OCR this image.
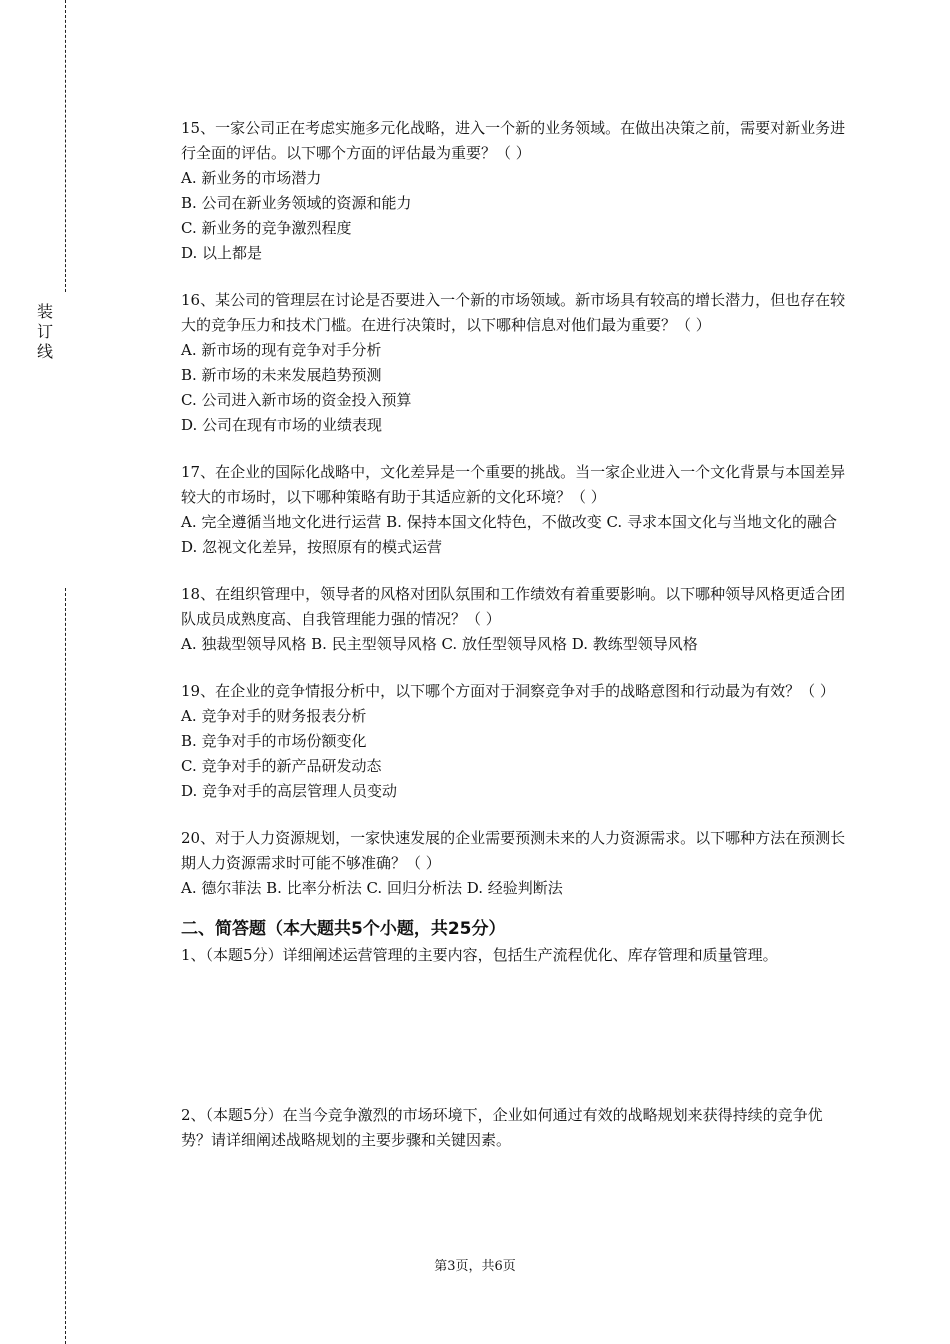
装
订
线
15、一家公司正在考虑实施多元化战略，进入一个新的业务领域。在做出决策之前，需要对新业务进行全面的评估。以下哪个方面的评估最为重要？（ ）
A. 新业务的市场潜力
B. 公司在新业务领域的资源和能力
C. 新业务的竞争激烈程度
D. 以上都是
16、某公司的管理层在讨论是否要进入一个新的市场领域。新市场具有较高的增长潜力，但也存在较大的竞争压力和技术门槛。在进行决策时，以下哪种信息对他们最为重要？（ ）
A. 新市场的现有竞争对手分析
B. 新市场的未来发展趋势预测
C. 公司进入新市场的资金投入预算
D. 公司在现有市场的业绩表现
17、在企业的国际化战略中，文化差异是一个重要的挑战。当一家企业进入一个文化背景与本国差异较大的市场时，以下哪种策略有助于其适应新的文化环境？（ ）
A. 完全遵循当地文化进行运营 B. 保持本国文化特色，不做改变 C. 寻求本国文化与当地文化的融合 D. 忽视文化差异，按照原有的模式运营
18、在组织管理中，领导者的风格对团队氛围和工作绩效有着重要影响。以下哪种领导风格更适合团队成员成熟度高、自我管理能力强的情况？（ ）
A. 独裁型领导风格 B. 民主型领导风格 C. 放任型领导风格 D. 教练型领导风格
19、在企业的竞争情报分析中，以下哪个方面对于洞察竞争对手的战略意图和行动最为有效？（ ）
A. 竞争对手的财务报表分析
B. 竞争对手的市场份额变化
C. 竞争对手的新产品研发动态
D. 竞争对手的高层管理人员变动
20、对于人力资源规划，一家快速发展的企业需要预测未来的人力资源需求。以下哪种方法在预测长期人力资源需求时可能不够准确？（ ）
A. 德尔菲法 B. 比率分析法 C. 回归分析法 D. 经验判断法
二、简答题（本大题共5个小题，共25分）
1、（本题5分）详细阐述运营管理的主要内容，包括生产流程优化、库存管理和质量管理。
2、（本题5分）在当今竞争激烈的市场环境下，企业如何通过有效的战略规划来获得持续的竞争优势？请详细阐述战略规划的主要步骤和关键因素。
第3页，共6页
